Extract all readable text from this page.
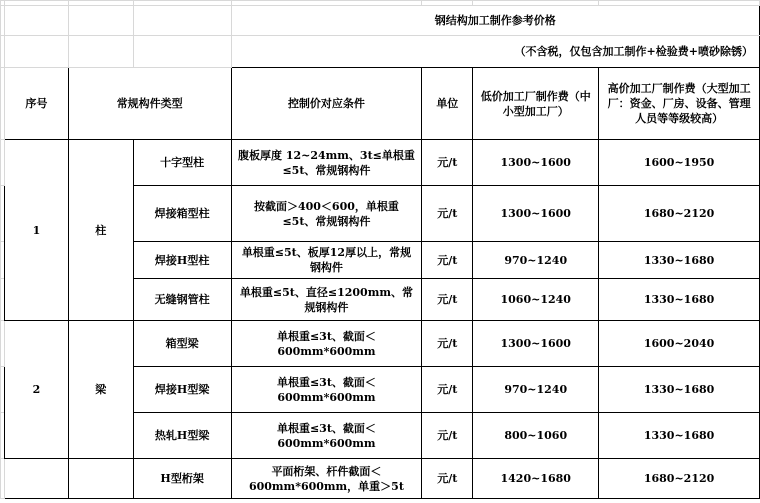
				钢结构加工制作参考价格			
				（不含税，仅包含加工制作+检验费+喷砂除锈）			
	序号	常规构件类型		控制价对应条件	单位	低价加工厂制作费（中小型加工厂）	高价加工厂制作费（大型加工厂：资金、厂房、设备、管理人员等等级较高）
	1	柱	十字型柱	腹板厚度 12~24mm、3t≤单根重≤5t、常规钢构件	元/t	1300~1600	1600~1950
			焊接箱型柱	按截面＞400＜600，单根重≤5t、常规钢构件	元/t	1300~1600	1680~2120
			焊接H型柱	单根重≤5t、板厚12厚以上，常规钢构件	元/t	970~1240	1330~1680
			无缝钢管柱	单根重≤5t、直径≤1200mm、常规钢构件	元/t	1060~1240	1330~1680
	2	梁	箱型梁	单根重≤3t、截面＜600mm*600mm	元/t	1300~1600	1600~2040
			焊接H型梁	单根重≤3t、截面＜600mm*600mm	元/t	970~1240	1330~1680
			热轧H型梁	单根重≤3t、截面＜600mm*600mm	元/t	800~1060	1330~1680
			H型桁架	平面桁架、杆件截面＜600mm*600mm，单重＞5t	元/t	1420~1680	1680~2120
